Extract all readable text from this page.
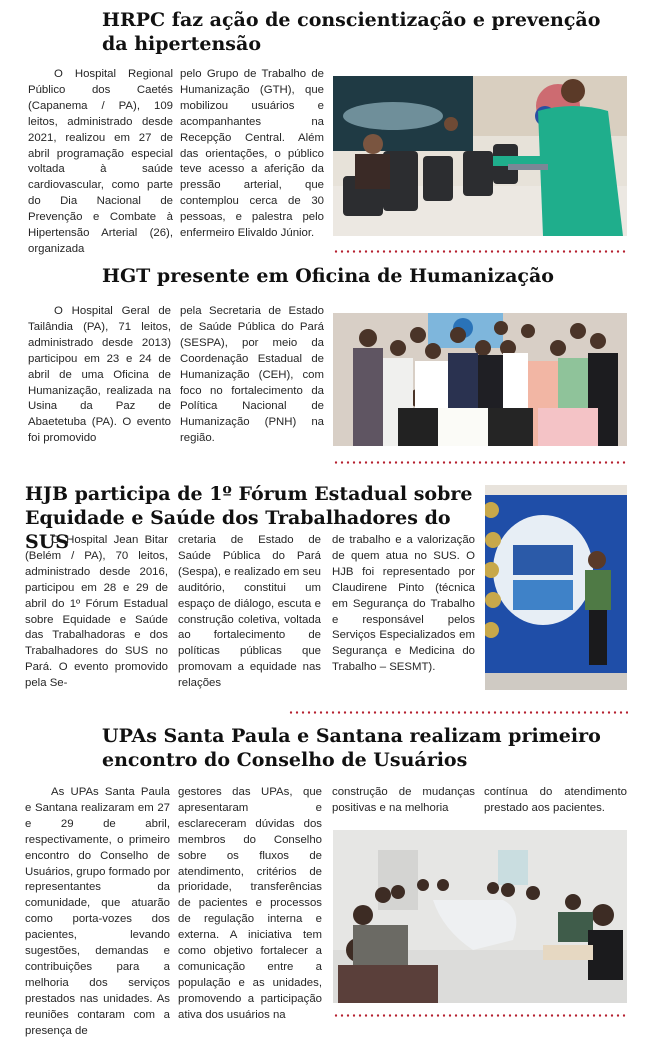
HRPC faz ação de conscientização e prevenção da hipertensão

O Hospital Regional Público dos Caetés (Capanema / PA), 109 leitos, administrado desde 2021, realizou em 27 de abril programação especial voltada à saúde cardiovascular, como parte do Dia Nacional de Prevenção e Combate à Hipertensão Arterial (26), organizada

pelo Grupo de Trabalho de Humanização (GTH), que mobilizou usuários e acompanhantes na Recepção Central. Além das orientações, o público teve acesso a aferição da pressão arterial, que contemplou cerca de 30 pessoas, e palestra pelo enfermeiro Elivaldo Júnior.

HGT presente em Oficina de Humanização

O Hospital Geral de Tailândia (PA), 71 leitos, administrado desde 2013) participou em 23 e 24 de abril de uma Oficina de Humanização, realizada na Usina da Paz de Abaetetuba (PA). O evento foi promovido

pela Secretaria de Estado de Saúde Pública do Pará (SESPA), por meio da Coordenação Estadual de Humanização (CEH), com foco no fortalecimento da Política Nacional de Humanização (PNH) na região.

HJB participa de 1º Fórum Estadual sobre Equidade e Saúde dos Trabalhadores do SUS

O Hospital Jean Bitar (Belém / PA), 70 leitos, administrado desde 2016, participou em 28 e 29 de abril do 1º Fórum Estadual sobre Equidade e Saúde das Trabalhadoras e dos Trabalhadores do SUS no Pará. O evento promovido pela Se-

cretaria de Estado de Saúde Pública do Pará (Sespa), e realizado em seu auditório, constitui um espaço de diálogo, escuta e construção coletiva, voltada ao fortalecimento de políticas públicas que promovam a equidade nas relações

de trabalho e a valorização de quem atua no SUS. O HJB foi representado por Claudirene Pinto (técnica em Segurança do Trabalho e responsável pelos Serviços Especializados em Segurança e Medicina do Trabalho – SESMT).

UPAs Santa Paula e Santana realizam primeiro encontro do Conselho de Usuários

As UPAs Santa Paula e Santana realizaram em 27 e 29 de abril, respectivamente, o primeiro encontro do Conselho de Usuários, grupo formado por representantes da comunidade, que atuarão como porta-vozes dos pacientes, levando sugestões, demandas e contribuições para a melhoria dos serviços prestados nas unidades. As reuniões contaram com a presença de

gestores das UPAs, que apresentaram e esclareceram dúvidas dos membros do Conselho sobre os fluxos de atendimento, critérios de prioridade, transferências de pacientes e processos de regulação interna e externa. A iniciativa tem como objetivo fortalecer a comunicação entre a população e as unidades, promovendo a participação ativa dos usuários na

construção de mudanças positivas e na melhoria

contínua do atendimento prestado aos pacientes.
